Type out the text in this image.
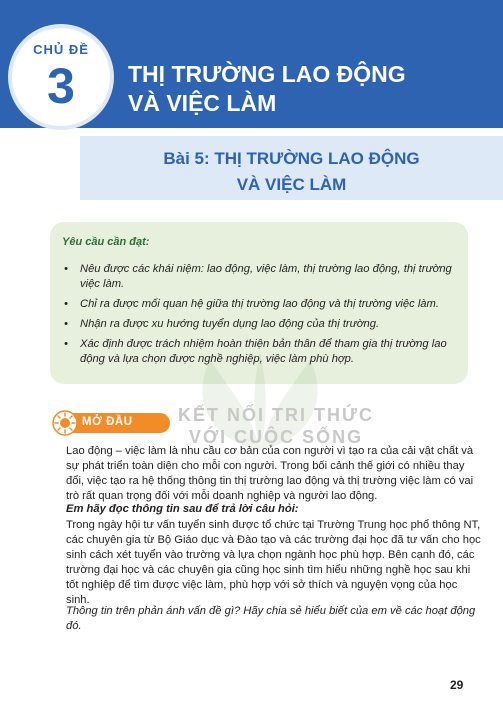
CHỦ ĐỀ
3	THỊ TRƯỜNG LAO ĐỘNG
VÀ VIỆC LÀM
Bài 5: THỊ TRƯỜNG LAO ĐỘNG
VÀ VIỆC LÀM
Yêu cầu cần đạt:
• Nêu được các khái niệm: lao động, việc làm, thị trường lao động, thị trường việc làm.
• Chỉ ra được mối quan hệ giữa thị trường lao động và thị trường việc làm.
• Nhận ra được xu hướng tuyển dụng lao động của thị trường.
• Xác định được trách nhiệm hoàn thiện bản thân để tham gia thị trường lao động và lựa chọn được nghề nghiệp, việc làm phù hợp.
KẾT NỐI TRI THỨC
VỚI CUỘC SỐNG
MỞ ĐẦU
Lao động – việc làm là nhu cầu cơ bản của con người vì tạo ra của cải vật chất và sự phát triển toàn diện cho mỗi con người. Trong bối cảnh thế giới có nhiều thay đổi, việc tạo ra hệ thống thông tin thị trường lao động và thị trường việc làm có vai trò rất quan trọng đối với mỗi doanh nghiệp và người lao động.
Em hãy đọc thông tin sau để trả lời câu hỏi:
Trong ngày hội tư vấn tuyển sinh được tổ chức tại Trường Trung học phổ thông NT, các chuyên gia từ Bộ Giáo dục và Đào tạo và các trường đại học đã tư vấn cho học sinh cách xét tuyển vào trường và lựa chọn ngành học phù hợp. Bên cạnh đó, các trường đại học và các chuyên gia cũng học sinh tìm hiểu những nghề học sau khi tốt nghiệp để tìm được việc làm, phù hợp với sở thích và nguyện vọng của học sinh.
Thông tin trên phản ánh vấn đề gì? Hãy chia sẻ hiểu biết của em về các hoạt động đó.
29
